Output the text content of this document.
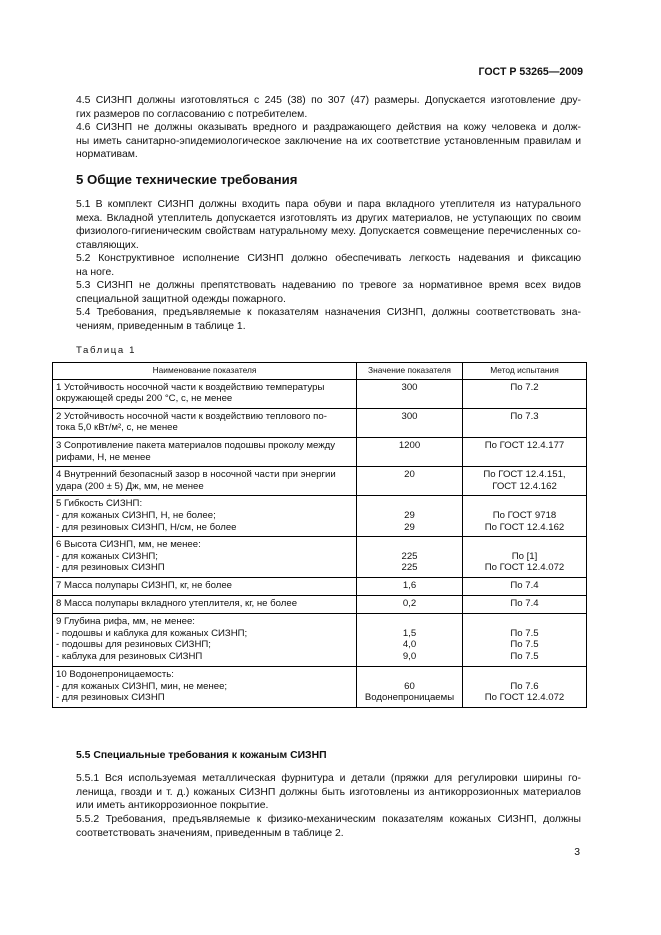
ГОСТ Р 53265—2009
4.5 СИЗНП должны изготовляться с 245 (38) по 307 (47) размеры. Допускается изготовление дру-
гих размеров по согласованию с потребителем.
4.6 СИЗНП не должны оказывать вредного и раздражающего действия на кожу человека и долж-
ны иметь санитарно-эпидемиологическое заключение на их соответствие установленным правилам и
нормативам.
5 Общие технические требования
5.1 В комплект СИЗНП должны входить пара обуви и пара вкладного утеплителя из натурального
меха. Вкладной утеплитель допускается изготовлять из других материалов, не уступающих по своим
физиолого-гигиеническим свойствам натуральному меху. Допускается совмещение перечисленных со-
ставляющих.
5.2 Конструктивное исполнение СИЗНП должно обеспечивать легкость надевания и фиксацию
на ноге.
5.3 СИЗНП не должны препятствовать надеванию по тревоге за нормативное время всех видов
специальной защитной одежды пожарного.
5.4 Требования, предъявляемые к показателям назначения СИЗНП, должны соответствовать зна-
чениям, приведенным в таблице 1.
Таблица 1
Наименование показателя	Значение показателя	Метод испытания

1 Устойчивость носочной части к воздействию температуры
окружающей среды 200 °С, с, не менее	300	По 7.2

2 Устойчивость носочной части к воздействию теплового по-
тока 5,0 кВт/м², с, не менее	300	По 7.3

3 Сопротивление пакета материалов подошвы проколу между
рифами, Н, не менее	1200	По ГОСТ 12.4.177

4 Внутренний безопасный зазор в носочной части при энергии
удара (200 ± 5) Дж, мм, не менее	20	По ГОСТ 12.4.151,
ГОСТ 12.4.162

5 Гибкость СИЗНП:
- для кожаных СИЗНП, Н, не более;
- для резиновых СИЗНП, Н/см, не более	29
29	По ГОСТ 9718
По ГОСТ 12.4.162

6 Высота СИЗНП, мм, не менее:
- для кожаных СИЗНП;
- для резиновых СИЗНП	225
225	По [1]
По ГОСТ 12.4.072

7 Масса полупары СИЗНП, кг, не более	1,6	По 7.4

8 Масса полупары вкладного утеплителя, кг, не более	0,2	По 7.4

9 Глубина рифа, мм, не менее:
- подошвы и каблука для кожаных СИЗНП;
- подошвы для резиновых СИЗНП;
- каблука для резиновых СИЗНП	1,5
4,0
9,0	По 7.5
По 7.5
По 7.5

10 Водонепроницаемость:
- для кожаных СИЗНП, мин, не менее;
- для резиновых СИЗНП	60
Водонепроницаемы	По 7.6
По ГОСТ 12.4.072
5.5 Специальные требования к кожаным СИЗНП
5.5.1 Вся используемая металлическая фурнитура и детали (пряжки для регулировки ширины го-
ленища, гвозди и т. д.) кожаных СИЗНП должны быть изготовлены из антикоррозионных материалов
или иметь антикоррозионное покрытие.
5.5.2 Требования, предъявляемые к физико-механическим показателям кожаных СИЗНП, должны
соответствовать значениям, приведенным в таблице 2.
3
